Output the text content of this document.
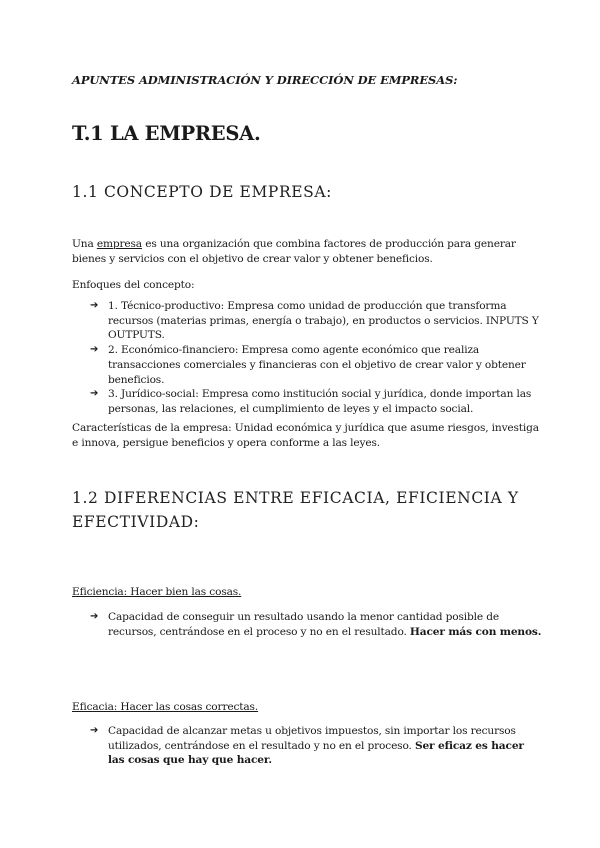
APUNTES ADMINISTRACIÓN Y DIRECCIÓN DE EMPRESAS:

T.1 LA EMPRESA.
1.1 CONCEPTO DE EMPRESA:

Una empresa es una organización que combina factores de producción para generar bienes y servicios con el objetivo de crear valor y obtener beneficios.

Enfoques del concepto:

➔ 1. Técnico-productivo: Empresa como unidad de producción que transforma recursos (materias primas, energía o trabajo), en productos o servicios. INPUTS Y OUTPUTS.
➔ 2. Económico-financiero: Empresa como agente económico que realiza transacciones comerciales y financieras con el objetivo de crear valor y obtener beneficios.
➔ 3. Jurídico-social: Empresa como institución social y jurídica, donde importan las personas, las relaciones, el cumplimiento de leyes y el impacto social.

Características de la empresa: Unidad económica y jurídica que asume riesgos, investiga e innova, persigue beneficios y opera conforme a las leyes.

1.2 DIFERENCIAS ENTRE EFICACIA, EFICIENCIA Y EFECTIVIDAD:

Eficiencia: Hacer bien las cosas.

➔ Capacidad de conseguir un resultado usando la menor cantidad posible de recursos, centrándose en el proceso y no en el resultado. Hacer más con menos.

Eficacia: Hacer las cosas correctas.

➔ Capacidad de alcanzar metas u objetivos impuestos, sin importar los recursos utilizados, centrándose en el resultado y no en el proceso. Ser eficaz es hacer las cosas que hay que hacer.
